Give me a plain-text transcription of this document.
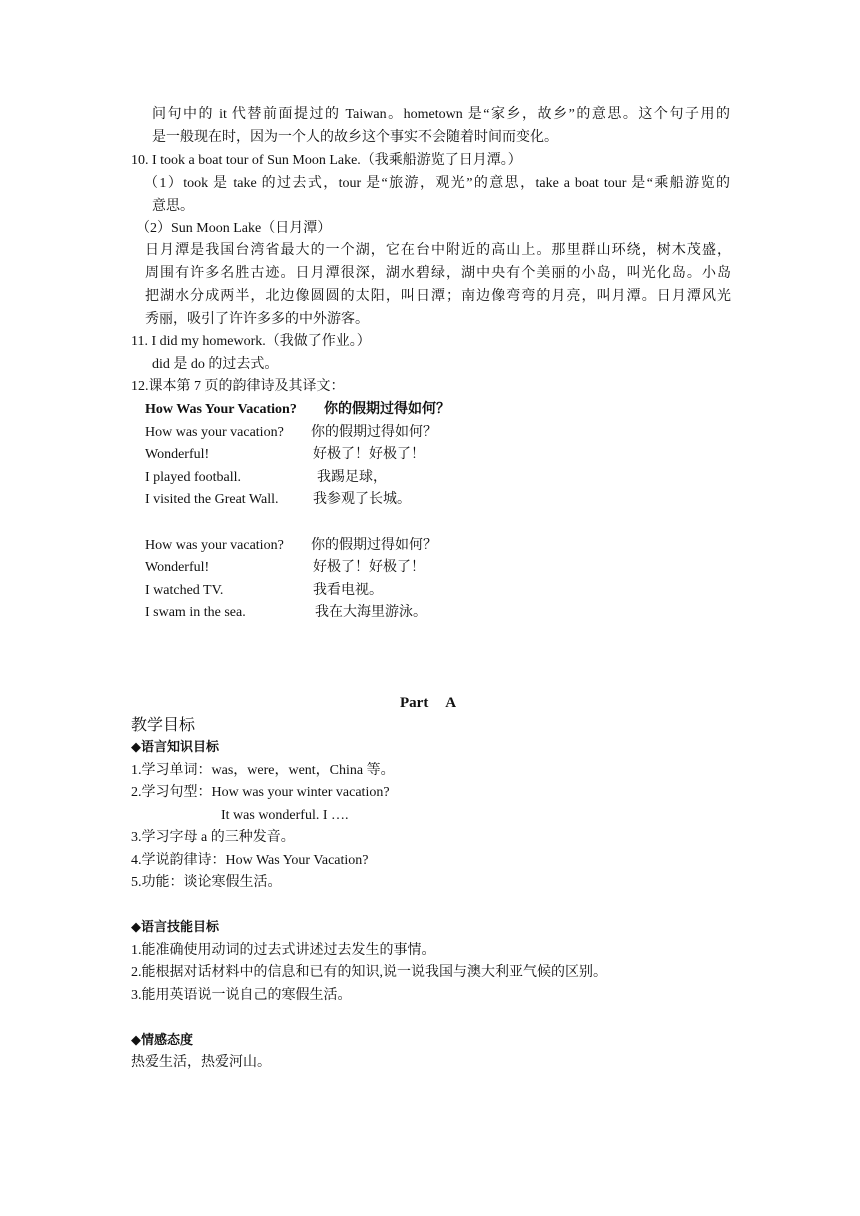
问句中的 it 代替前面提过的 Taiwan。hometown 是“家乡，故乡”的意思。这个句子用的
是一般现在时，因为一个人的故乡这个事实不会随着时间而变化。
10. I took a boat tour of Sun Moon Lake.（我乘船游览了日月潭。）
（1）took 是 take 的过去式，tour 是“旅游，观光”的意思，take a boat tour 是“乘船游览的
意思。
（2）Sun Moon Lake（日月潭）
日月潭是我国台湾省最大的一个湖，它在台中附近的高山上。那里群山环绕，树木茂盛，
周围有许多名胜古迹。日月潭很深，湖水碧绿，湖中央有个美丽的小岛，叫光化岛。小岛
把湖水分成两半，北边像圆圆的太阳，叫日潭；南边像弯弯的月亮，叫月潭。日月潭风光
秀丽，吸引了许许多多的中外游客。
11. I did my homework.（我做了作业。）
did 是 do 的过去式。
12.课本第 7 页的韵律诗及其译文：
How Was Your Vacation? 你的假期过得如何？
How was your vacation? 你的假期过得如何？
Wonderful!	好极了！好极了！
I played football.	我踢足球，
I visited the Great Wall. 我参观了长城。
How was your vacation? 你的假期过得如何？
Wonderful!	好极了！好极了！
I watched TV.	我看电视。
I swam in the sea.	我在大海里游泳。
Part A
教学目标
◆语言知识目标
1.学习单词：was，were，went，China 等。
2.学习句型：How was your winter vacation?
It was wonderful. I ….
3.学习字母 a 的三种发音。
4.学说韵律诗：How Was Your Vacation?
5.功能：谈论寒假生活。
◆语言技能目标
1.能准确使用动词的过去式讲述过去发生的事情。
2.能根据对话材料中的信息和已有的知识,说一说我国与澳大利亚气候的区别。
3.能用英语说一说自己的寒假生活。
◆情感态度
热爱生活，热爱河山。
